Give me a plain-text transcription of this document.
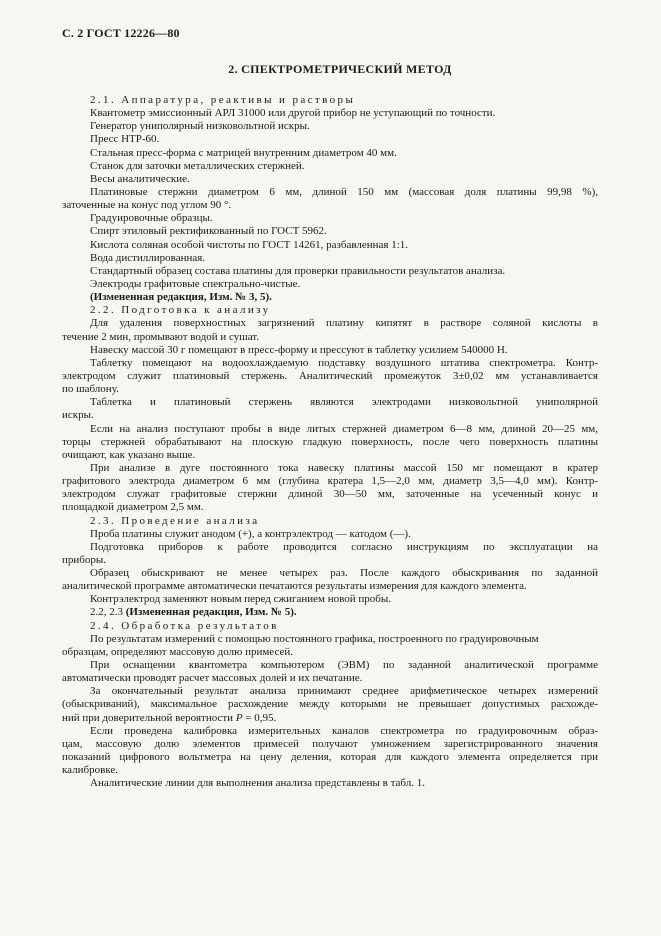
С. 2 ГОСТ 12226—80
2. СПЕКТРОМЕТРИЧЕСКИЙ МЕТОД
2.1. Аппаратура, реактивы и растворы
Квантометр эмиссионный АРЛ 31000 или другой прибор не уступающий по точности.
Генератор униполярный низковольтной искры.
Пресс НТР-60.
Стальная пресс-форма с матрицей внутренним диаметром 40 мм.
Станок для заточки металлических стержней.
Весы аналитические.
Платиновые стержни диаметром 6 мм, длиной 150 мм (массовая доля платины 99,98 %),
заточенные на конус под углом 90 °.
Градуировочные образцы.
Спирт этиловый ректификованный по ГОСТ 5962.
Кислота соляная особой чистоты по ГОСТ 14261, разбавленная 1:1.
Вода дистиллированная.
Стандартный образец состава платины для проверки правильности результатов анализа.
Электроды графитовые спектрально-чистые.
(Измененная редакция, Изм. № 3, 5).
2.2. Подготовка к анализу
Для удаления поверхностных загрязнений платину кипятят в растворе соляной кислоты в
течение 2 мин, промывают водой и сушат.
Навеску массой 30 г помещают в пресс-форму и прессуют в таблетку усилием 540000 Н.
Таблетку помещают на водоохлаждаемую подставку воздушного штатива спектрометра. Контр-
электродом служит платиновый стержень. Аналитический промежуток 3±0,02 мм устанавливается
по шаблону.
Таблетка и платиновый стержень являются электродами низковольтной униполярной
искры.
Если на анализ поступают пробы в виде литых стержней диаметром 6—8 мм, длиной 20—25 мм,
торцы стержней обрабатывают на плоскую гладкую поверхность, после чего поверхность платины
очищают, как указано выше.
При анализе в дуге постоянного тока навеску платины массой 150 мг помещают в кратер
графитового электрода диаметром 6 мм (глубина кратера 1,5—2,0 мм, диаметр 3,5—4,0 мм). Контр-
электродом служат графитовые стержни длиной 30—50 мм, заточенные на усеченный конус и
площадкой диаметром 2,5 мм.
2.3. Проведение анализа
Проба платины служит анодом (+), а контрэлектрод — катодом (—).
Подготовка приборов к работе проводится согласно инструкциям по эксплуатации на
приборы.
Образец обыскривают не менее четырех раз. После каждого обыскривания по заданной
аналитической программе автоматически печатаются результаты измерения для каждого элемента.
Контрэлектрод заменяют новым перед сжиганием новой пробы.
2.2, 2.3 (Измененная редакция, Изм. № 5).
2.4. Обработка результатов
По результатам измерений с помощью постоянного графика, построенного по градуировочным
образцам, определяют массовую долю примесей.
При оснащении квантометра компьютером (ЭВМ) по заданной аналитической программе
автоматически проводят расчет массовых долей и их печатание.
За окончательный результат анализа принимают среднее арифметическое четырех измерений
(обыскриваний), максимальное расхождение между которыми не превышает допустимых расхожде-
ний при доверительной вероятности P = 0,95.
Если проведена калибровка измерительных каналов спектрометра по градуировочным образ-
цам, массовую долю элементов примесей получают умножением зарегистрированного значения
показаний цифрового вольтметра на цену деления, которая для каждого элемента определяется при
калибровке.
Аналитические линии для выполнения анализа представлены в табл. 1.
